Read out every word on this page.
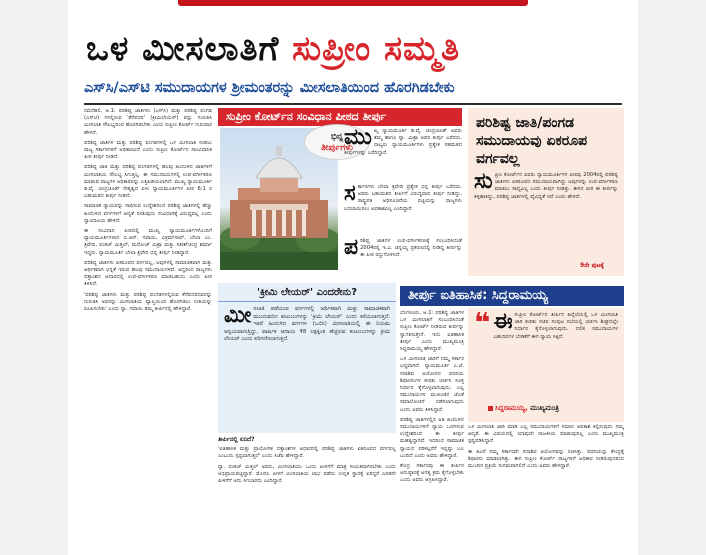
ಒಳ ಮೀಸಲಾತಿಗೆ ಸುಪ್ರೀಂ ಸಮ್ಮತಿ
ಎಸ್‌ಸಿ/ಎಸ್‌ಟಿ ಸಮುದಾಯಗಳ ಶ್ರೀಮಂತರನ್ನು ಮೀಸಲಾತಿಯಿಂದ ಹೊರಗಿಡಬೇಕು

ನವದೆಹಲಿ, ಆ.1: ಪರಿಶಿಷ್ಟ ಜಾತಿಗಳು (ಎಸ್‌ಸಿ) ಮತ್ತು ಪರಿಶಿಷ್ಟ ಪಂಗಡ (ಎಸ್‌ಟಿ) ಗಳಲ್ಲಿರುವ 'ಕೆನೆಪದರ' (ಕ್ರೀಮಿಲೇಯರ್) ವನ್ನು ಗುರುತಿಸಿ ಮೀಸಲಾತಿ ಸೌಲಭ್ಯದಿಂದ ಹೊರಗಿಡಬೇಕು ಎಂದು ಸುಪ್ರೀಂ ಕೋರ್ಟ್ ಗುರುವಾರ ಹೇಳಿದೆ.

ಪರಿಶಿಷ್ಟ ಜಾತಿಗಳ ಮತ್ತು ಪರಿಶಿಷ್ಟ ಪಂಗಡಗಳಲ್ಲಿ ಒಳ ಮೀಸಲಾತಿ ನೀಡಲು ರಾಜ್ಯ ಸರ್ಕಾರಗಳಿಗೆ ಅಧಿಕಾರವಿದೆ ಎಂದು ಸುಪ್ರೀಂ ಕೋರ್ಟ್‌ನ ಸಾಂವಿಧಾನಿಕ ಪೀಠ ತೀರ್ಪು ನೀಡಿದೆ.

ಪರಿಶಿಷ್ಟ ಜಾತಿ ಮತ್ತು ಪರಿಶಿಷ್ಟ ಪಂಗಡಗಳಲ್ಲಿ ಹಲವು ಹಿಂದುಳಿದ ಜಾತಿಗಳಿಗೆ ಮೀಸಲಾತಿಯ ಸೌಲಭ್ಯ ಸಿಗುತ್ತಿಲ್ಲ. ಈ ಸಮುದಾಯಗಳಲ್ಲಿ ಉಪ-ವರ್ಗೀಕರಣ ಮಾಡುವ ರಾಜ್ಯಗಳ ಅಧಿಕಾರವನ್ನು ಎತ್ತಿಹಿಡಿಯಲಾಗಿದೆ. ಮುಖ್ಯ ನ್ಯಾಯಮೂರ್ತಿ ಡಿ.ವೈ. ಚಂದ್ರಚೂಡ್ ನೇತೃತ್ವದ ಏಳು ನ್ಯಾಯಮೂರ್ತಿಗಳ ಪೀಠ 6:1 ರ ಬಹುಮತದ ತೀರ್ಪು ನೀಡಿದೆ.

ಸಾಮಾಜಿಕ ನ್ಯಾಯವನ್ನು ಸಾಧಿಸುವ ಉದ್ದೇಶದಿಂದ ಪರಿಶಿಷ್ಟ ಜಾತಿಗಳಲ್ಲಿ ಹೆಚ್ಚು ಹಿಂದುಳಿದ ವರ್ಗಗಳಿಗೆ ಆದ್ಯತೆ ನೀಡುವುದು ಸಂವಿಧಾನಕ್ಕೆ ವಿರುದ್ಧವಲ್ಲ ಎಂದು ನ್ಯಾಯಾಲಯ ಹೇಳಿದೆ.

ಈ ಸಂವಿಧಾನ ಪೀಠದಲ್ಲಿ ಮುಖ್ಯ ನ್ಯಾಯಮೂರ್ತಿಗಳೊಂದಿಗೆ ನ್ಯಾಯಮೂರ್ತಿಗಳಾದ ಬಿ.ಆರ್. ಗವಾಯಿ, ವಿಕ್ರಮ್‌ನಾಥ್, ಬೇಲಾ ಎಂ. ತ್ರಿವೇದಿ, ಪಂಕಜ್ ಮಿತ್ತಲ್, ಮನೋಜ್ ಮಿಶ್ರಾ ಮತ್ತು ಸತೀಶ್‌ಚಂದ್ರ ಶರ್ಮಾ ಇದ್ದರು. ನ್ಯಾಯಮೂರ್ತಿ ಬೇಲಾ ತ್ರಿವೇದಿ ಭಿನ್ನ ತೀರ್ಪು ನೀಡಿದ್ದಾರೆ.

ಪರಿಶಿಷ್ಟ ಜಾತಿಗಳು ಏಕರೂಪದ ವರ್ಗವಲ್ಲ, ಅವುಗಳಲ್ಲಿ ಸಾಮಾಜಿಕವಾಗಿ ಮತ್ತು ಆರ್ಥಿಕವಾಗಿ ಭಿನ್ನತೆ ಇರುವ ಹಲವು ಸಮುದಾಯಗಳಿವೆ. ಆದ್ದರಿಂದ ರಾಜ್ಯಗಳು ದತ್ತಾಂಶದ ಆಧಾರದಲ್ಲಿ ಉಪ-ವರ್ಗೀಕರಣ ಮಾಡಬಹುದು ಎಂದು ಪೀಠ ತಿಳಿಸಿದೆ.

'ಪರಿಶಿಷ್ಟ ಜಾತಿಗಳು ಮತ್ತು ಪರಿಶಿಷ್ಟ ಪಂಗಡಗಳಲ್ಲಿರುವ ಕೆನೆಪದರದವರನ್ನು ಗುರುತಿಸಿ ಅವರನ್ನು ಮೀಸಲಾತಿಯ ವ್ಯಾಪ್ತಿಯಿಂದ ಹೊರಗಿಡಲು ನೀತಿಯನ್ನು ರೂಪಿಸಬೇಕು' ಎಂದು ನ್ಯಾ. ಗವಾಯಿ ತಮ್ಮ ತೀರ್ಪಿನಲ್ಲಿ ಹೇಳಿದ್ದಾರೆ.

ಸುಪ್ರೀಂ ಕೋರ್ಟ್‌ನ ಸಂವಿಧಾನ ಪೀಠದ ತೀರ್ಪು
ಭಿನ್ನ
ತೀರ್ಪುಗಳು
ಮುಖ್ಯ ನ್ಯಾಯಮೂರ್ತಿ ಡಿ.ವೈ. ಚಂದ್ರಚೂಡ್ ಅವರು ತಮ್ಮ ಹಾಗೂ ನ್ಯಾ. ಮಿಶ್ರಾ ಅವರ ತೀರ್ಪು ಬರೆದರು. ನಾಲ್ವರು ನ್ಯಾಯಮೂರ್ತಿಗಳು ಪ್ರತ್ಯೇಕ ಸಹಮತದ ತೀರ್ಪುಗಳನ್ನು ಬರೆದಿದ್ದಾರೆ.
ಸರ್ಕಾರಗಳು ಬೇಲಾ ತ್ರಿವೇದಿ ಪ್ರತ್ಯೇಕ ಭಿನ್ನ ತೀರ್ಪು ಬರೆದರು. ಅವರು ಬಹುಮತದ ತೀರ್ಪಿಗೆ ವಿರುದ್ಧವಾದ ತೀರ್ಪು ನೀಡಿದ್ದು, ರಾಷ್ಟ್ರಪತಿ ಅಧಿಸೂಚನೆಯ ಪಟ್ಟಿಯನ್ನು ರಾಜ್ಯಗಳು ಬದಲಾಯಿಸಲು ಅವಕಾಶವಿಲ್ಲ ಎಂದಿದ್ದಾರೆ.
ಪರಿಶಿಷ್ಟ ಜಾತಿಗಳ ಉಪ-ವರ್ಗೀಕರಣಕ್ಕೆ ಸಂಬಂಧಿಸಿದಂತೆ 2004ರಲ್ಲಿ ಇ.ವಿ. ಚಿನ್ನಯ್ಯ ಪ್ರಕರಣದಲ್ಲಿ ನೀಡಿದ್ದ ತೀರ್ಪನ್ನು ಈ ಪೀಠ ರದ್ದುಗೊಳಿಸಿದೆ.
ಪರಿಶಿಷ್ಟ ಜಾತಿ/ಪಂಗಡ ಸಮುದಾಯವು ಏಕರೂಪ ವರ್ಗವಲ್ಲ
ಸುಪ್ರೀಂ ಕೋರ್ಟ್‌ನ ಐವರು ನ್ಯಾಯಮೂರ್ತಿಗಳ ಪೀಠವು 2004ರಲ್ಲಿ ಪರಿಶಿಷ್ಟ ಜಾತಿಗಳು ಏಕರೂಪದ ಸಮುದಾಯವಾಗಿದ್ದು ಅವುಗಳನ್ನು ಉಪ-ವರ್ಗೀಕರಣ ಮಾಡಲು ಸಾಧ್ಯವಿಲ್ಲ ಎಂದು ತೀರ್ಪು ನೀಡಿತ್ತು. ಈಗಿನ ಪೀಠ ಈ ತೀರ್ಪನ್ನು ತಳ್ಳಿಹಾಕಿದ್ದು, ಪರಿಶಿಷ್ಟ ಜಾತಿಗಳಲ್ಲಿ ವೈವಿಧ್ಯತೆ ಇದೆ ಎಂದು ಹೇಳಿದೆ.
9ನೇ ಪುಟಕ್ಕೆ
'ಕ್ರೀಮಿ ಲೇಯರ್' ಎಂದರೇನು?
ಮೀಸಲಾತಿ ಪಡೆಯುವ ವರ್ಗಗಳಲ್ಲಿ ಆರ್ಥಿಕವಾಗಿ ಮತ್ತು ಸಾಮಾಜಿಕವಾಗಿ ಮುಂದುವರಿದ ಕುಟುಂಬಗಳನ್ನು 'ಕ್ರೀಮಿ ಲೇಯರ್' ಎಂದು ಕರೆಯಲಾಗುತ್ತದೆ. ಇತರೆ ಹಿಂದುಳಿದ ವರ್ಗಗಳ (ಒಬಿಸಿ) ಮೀಸಲಾತಿಯಲ್ಲಿ ಈ ನಿಯಮ ಅನ್ವಯವಾಗುತ್ತಿದ್ದು, ವಾರ್ಷಿಕ ಆದಾಯ ₹8 ಲಕ್ಷಕ್ಕಿಂತ ಹೆಚ್ಚಿರುವ ಕುಟುಂಬಗಳನ್ನು ಕ್ರೀಮಿ ಲೇಯರ್ ಎಂದು ಪರಿಗಣಿಸಲಾಗುತ್ತದೆ.

ತೀರ್ಪಿನಲ್ಲಿ ಏನಿದೆ?

'ಐತಿಹಾಸಿಕ ಮತ್ತು ಪ್ರಾಯೋಗಿಕ ದತ್ತಾಂಶಗಳ ಆಧಾರದಲ್ಲಿ ಪರಿಶಿಷ್ಟ ಜಾತಿಗಳು ಏಕರೂಪದ ವರ್ಗವಲ್ಲ ಎಂಬುದು ಸ್ಪಷ್ಟವಾಗುತ್ತದೆ' ಎಂದು ಸಿಜೆಐ ಹೇಳಿದ್ದಾರೆ.

ನ್ಯಾ. ಪಂಕಜ್ ಮಿತ್ತಲ್ ಅವರು, ಮೀಸಲಾತಿಯು ಒಂದು ಪೀಳಿಗೆಗೆ ಮಾತ್ರ ಸೀಮಿತವಾಗಿರಬೇಕು ಎಂದು ಅಭಿಪ್ರಾಯಪಟ್ಟಿದ್ದಾರೆ. ಮೊದಲ ಪೀಳಿಗೆ ಮೀಸಲಾತಿಯ ಲಾಭ ಪಡೆದು ಉನ್ನತ ಸ್ಥಾನಕ್ಕೆ ಏರಿದ್ದರೆ ಎರಡನೇ ಪೀಳಿಗೆಗೆ ಅದು ಸಿಗಬಾರದು ಎಂದಿದ್ದಾರೆ.

ತೀರ್ಪು ಐತಿಹಾಸಿಕ: ಸಿದ್ದರಾಮಯ್ಯ

ಬೆಂಗಳೂರು, ಆ.1: ಪರಿಶಿಷ್ಟ ಜಾತಿಗಳ ಒಳ ಮೀಸಲಾತಿಗೆ ಸಂಬಂಧಿಸಿದಂತೆ ಸುಪ್ರೀಂ ಕೋರ್ಟ್ ನೀಡಿರುವ ತೀರ್ಪನ್ನು ಸ್ವಾಗತಿಸುತ್ತೇನೆ. ಇದು ಐತಿಹಾಸಿಕ ತೀರ್ಪು ಎಂದು ಮುಖ್ಯಮಂತ್ರಿ ಸಿದ್ದರಾಮಯ್ಯ ಹೇಳಿದ್ದಾರೆ.

ಒಳ ಮೀಸಲಾತಿ ಜಾರಿಗೆ ನಮ್ಮ ಸರ್ಕಾರ ಬದ್ಧವಾಗಿದೆ. ನ್ಯಾಯಮೂರ್ತಿ ಎ.ಜೆ. ಸದಾಶಿವ ಆಯೋಗದ ವರದಿಯ ಶಿಫಾರಸುಗಳ ಕುರಿತು ಚರ್ಚಿಸಿ ಸೂಕ್ತ ನಿರ್ಧಾರ ಕೈಗೊಳ್ಳಲಾಗುವುದು. ಎಲ್ಲ ಸಮುದಾಯಗಳ ಮುಖಂಡರ ಜೊತೆ ಸಮಾಲೋಚನೆ ನಡೆಸಲಾಗುವುದು ಎಂದು ಅವರು ತಿಳಿಸಿದ್ದಾರೆ.

ಪರಿಶಿಷ್ಟ ಜಾತಿಗಳಲ್ಲಿನ ಅತಿ ಹಿಂದುಳಿದ ಸಮುದಾಯಗಳಿಗೆ ನ್ಯಾಯ ಒದಗಿಸುವ ಉದ್ದೇಶದಿಂದ ಈ ತೀರ್ಪು ಮಹತ್ವದ್ದಾಗಿದೆ. ಇದರಿಂದ ಸಾಮಾಜಿಕ ನ್ಯಾಯದ ಪರಿಕಲ್ಪನೆಗೆ ಇನ್ನಷ್ಟು ಬಲ ಬಂದಿದೆ ಎಂದು ಅವರು ಹೇಳಿದ್ದಾರೆ.

ಕೇಂದ್ರ ಸರ್ಕಾರವು ಈ ತೀರ್ಪಿನ ಅನುಷ್ಠಾನಕ್ಕೆ ಅಗತ್ಯ ಕ್ರಮ ಕೈಗೊಳ್ಳಬೇಕು ಎಂದು ಅವರು ಆಗ್ರಹಿಸಿದ್ದಾರೆ.

❝ ಈ ಸುಪ್ರೀಂ ಕೋರ್ಟ್‌ನ ತೀರ್ಪಿನ ಹಿನ್ನೆಲೆಯಲ್ಲಿ ಒಳ ಮೀಸಲಾತಿ ಜಾರಿ ಕುರಿತು ಸಚಿವ ಸಂಪುಟ ಸಭೆಯಲ್ಲಿ ಚರ್ಚಿಸಿ ಶೀಘ್ರದಲ್ಲೇ ನಿರ್ಧಾರ ಕೈಗೊಳ್ಳಲಾಗುವುದು. ದಲಿತ ಸಮುದಾಯಗಳ ಬಹುದಿನಗಳ ಬೇಡಿಕೆಗೆ ಈಗ ನ್ಯಾಯ ಸಿಕ್ಕಿದೆ.
ಸಿದ್ದರಾಮಯ್ಯ, ಮುಖ್ಯಮಂತ್ರಿ

ಒಳ ಮೀಸಲಾತಿ ಜಾರಿ ಮಾಡಿ ಎಲ್ಲ ಸಮುದಾಯಗಳಿಗೆ ಸಮಾನ ಅವಕಾಶ ಕಲ್ಪಿಸುವುದು ನಮ್ಮ ಆದ್ಯತೆ. ಈ ವಿಷಯದಲ್ಲಿ ಯಾವುದೇ ರಾಜಕೀಯ ಮಾಡುವುದಿಲ್ಲ ಎಂದು ಮುಖ್ಯಮಂತ್ರಿ ಸ್ಪಷ್ಟಪಡಿಸಿದ್ದಾರೆ.

ಈ ಹಿಂದೆ ನಮ್ಮ ಸರ್ಕಾರವೇ ಸದಾಶಿವ ಆಯೋಗವನ್ನು ರಚಿಸಿತ್ತು. ವರದಿಯನ್ನು ಕೇಂದ್ರಕ್ಕೆ ಶಿಫಾರಸು ಮಾಡಲಾಗಿತ್ತು. ಈಗ ಸುಪ್ರೀಂ ಕೋರ್ಟ್ ರಾಜ್ಯಗಳಿಗೆ ಅಧಿಕಾರ ನೀಡಿರುವುದರಿಂದ ಮುಂದಿನ ಪ್ರಕ್ರಿಯೆ ಸುಗಮವಾಗಲಿದೆ ಎಂದು ಅವರು ಹೇಳಿದ್ದಾರೆ.
